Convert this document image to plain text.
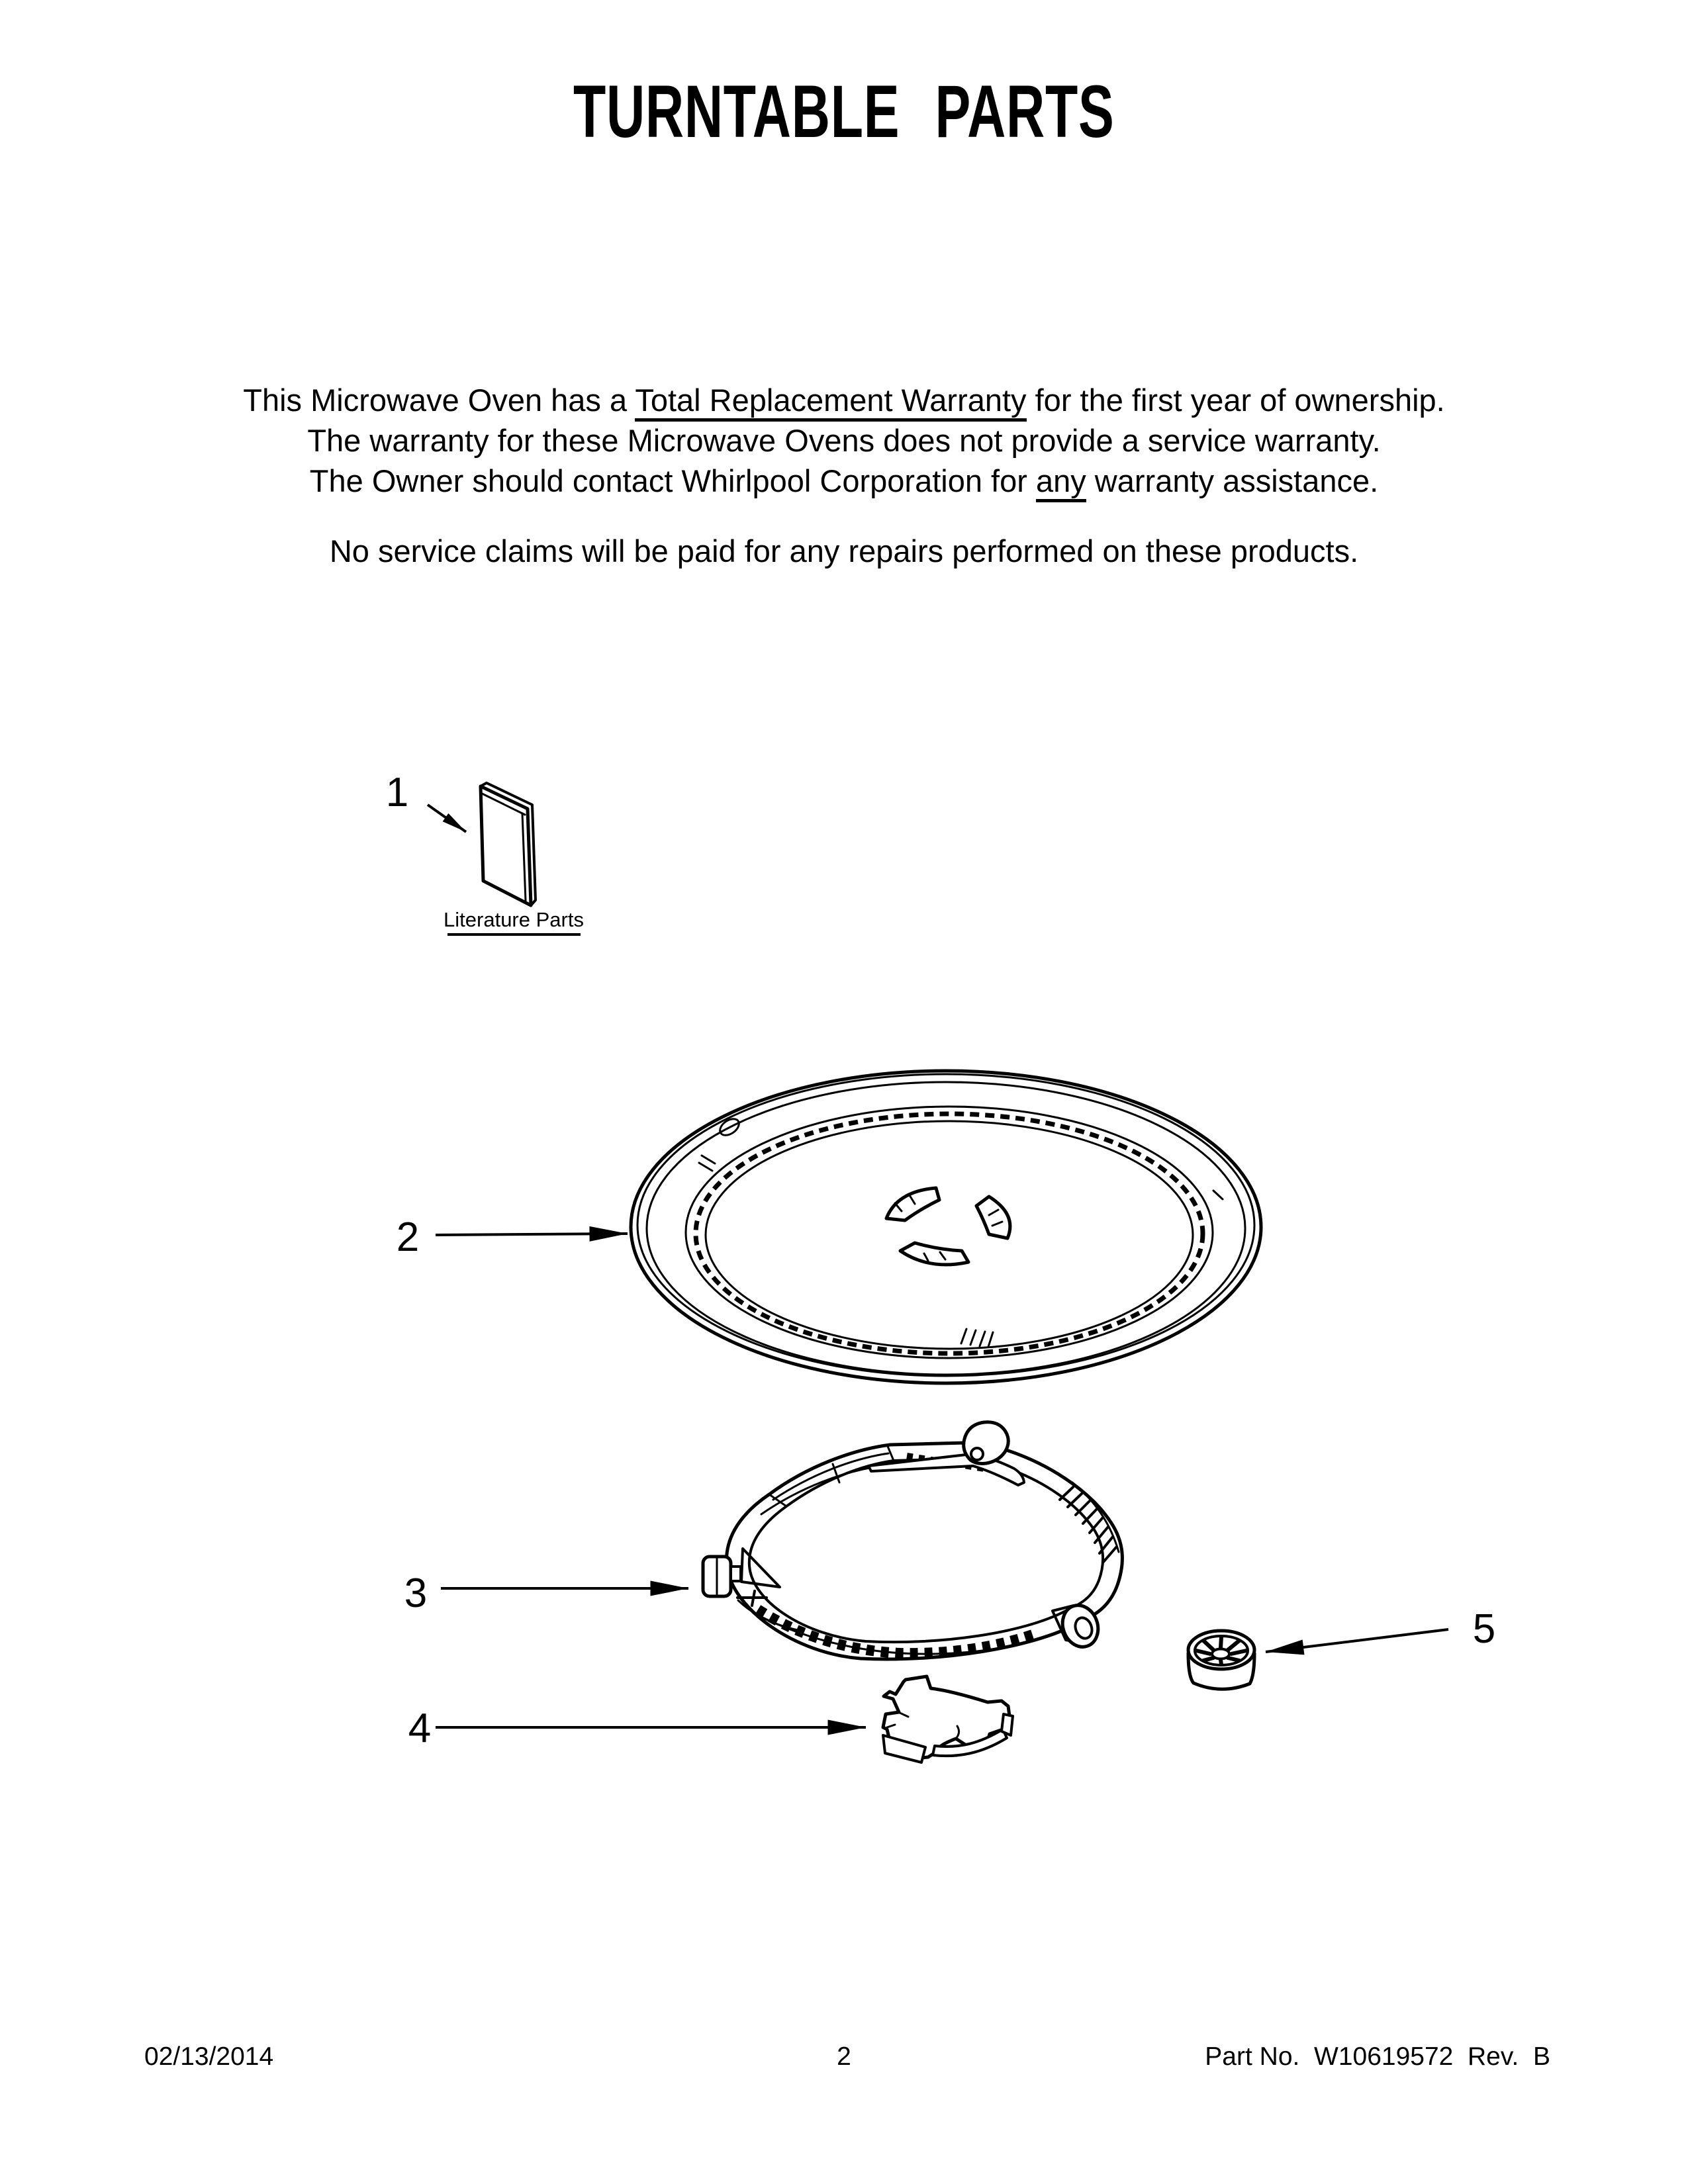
TURNTABLE PARTS
This Microwave Oven has a Total Replacement Warranty for the first year of ownership.
The warranty for these Microwave Ovens does not provide a service warranty.
The Owner should contact Whirlpool Corporation for any warranty assistance.
No service claims will be paid for any repairs performed on these products.
1
Literature Parts
2
3
4
5
2
02/13/2014	Part No.  W10619572  Rev.  B
